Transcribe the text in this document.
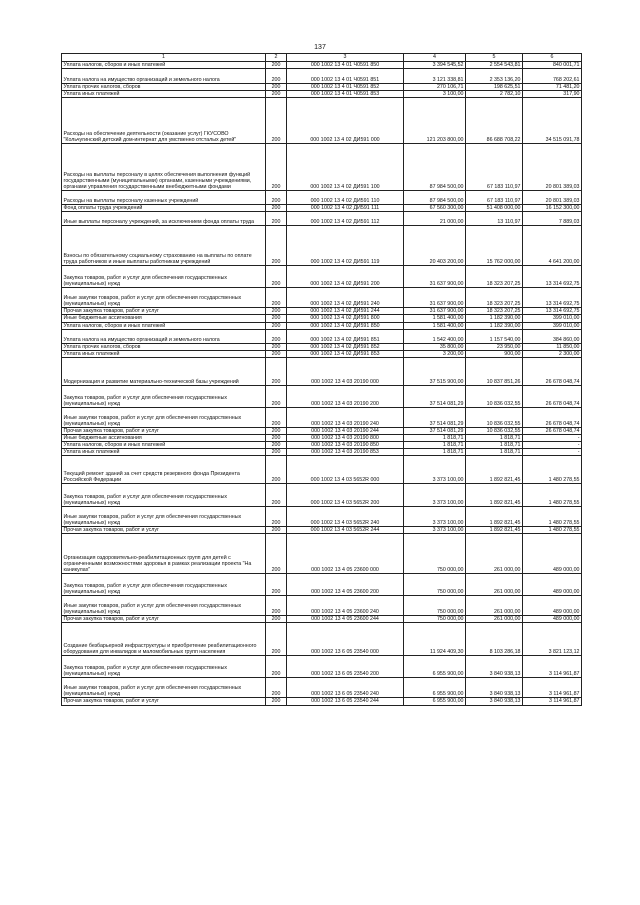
137
1	2	3	4	5	6
Уплата налогов, сборов и иных платежей	200	000 1002 13 4 01 Ч0591 850	3 394 545,52	2 554 543,81	840 001,71
Уплата налога на имущество организаций и земельного налога	200	000 1002 13 4 01 Ч0591 851	3 121 338,81	2 353 136,20	768 202,61
Уплата прочих налогов, сборов	200	000 1002 13 4 01 Ч0591 852	270 106,71	198 625,51	71 481,20
Уплата иных платежей	200	000 1002 13 4 01 Ч0591 853	3 100,00	2 782,10	317,90
Расходы на обеспечение деятельности (оказание услуг) ГКУСОВО "Кольчугинский детский дом-интернат для умственно отсталых детей"	200	000 1002 13 4 02 ДИ591 000	121 203 800,00	86 688 708,22	34 515 091,78
Расходы на выплаты персоналу в целях обеспечения выполнения функций государственными (муниципальными) органами, казенными учреждениями, органами управления государственными внебюджетными фондами	200	000 1002 13 4 02 ДИ591 100	87 984 500,00	67 183 110,97	20 801 389,03
Расходы на выплаты персоналу казенных учреждений	200	000 1002 13 4 02 ДИ591 110	87 984 500,00	67 183 110,97	20 801 389,03
Фонд оплаты труда учреждений	200	000 1002 13 4 02 ДИ591 111	67 560 300,00	51 408 000,00	16 152 300,00
Иные выплаты персоналу учреждений, за исключением фонда оплаты труда	200	000 1002 13 4 02 ДИ591 112	21 000,00	13 110,97	7 889,03
Взносы по обязательному социальному страхованию на выплаты по оплате труда работников и иные выплаты работникам учреждений	200	000 1002 13 4 02 ДИ591 119	20 403 200,00	15 762 000,00	4 641 200,00
Закупка товаров, работ и услуг для обеспечения государственных (муниципальных) нужд	200	000 1002 13 4 02 ДИ591 200	31 637 900,00	18 323 207,25	13 314 692,75
Иные закупки товаров, работ и услуг для обеспечения государственных (муниципальных) нужд	200	000 1002 13 4 02 ДИ591 240	31 637 900,00	18 323 207,25	13 314 692,75
Прочая закупка товаров, работ и услуг	200	000 1002 13 4 02 ДИ591 244	31 637 900,00	18 323 207,25	13 314 692,75
Иные бюджетные ассигнования	200	000 1002 13 4 02 ДИ591 800	1 581 400,00	1 182 390,00	399 010,00
Уплата налогов, сборов и иных платежей	200	000 1002 13 4 02 ДИ591 850	1 581 400,00	1 182 390,00	399 010,00
Уплата налога на имущество организаций и земельного налога	200	000 1002 13 4 02 ДИ591 851	1 542 400,00	1 157 540,00	384 860,00
Уплата прочих налогов, сборов	200	000 1002 13 4 02 ДИ591 852	35 800,00	23 950,00	11 850,00
Уплата иных платежей	200	000 1002 13 4 02 ДИ591 853	3 200,00	900,00	2 300,00
Модернизация и развитие материально-технической базы учреждений	200	000 1002 13 4 03 20190 000	37 515 900,00	10 837 851,26	26 678 048,74
Закупка товаров, работ и услуг для обеспечения государственных (муниципальных) нужд	200	000 1002 13 4 03 20190 200	37 514 081,29	10 836 032,55	26 678 048,74
Иные закупки товаров, работ и услуг для обеспечения государственных (муниципальных) нужд	200	000 1002 13 4 03 20190 240	37 514 081,29	10 836 032,55	26 678 048,74
Прочая закупка товаров, работ и услуг	200	000 1002 13 4 03 20190 244	37 514 081,29	10 836 032,55	26 678 048,74
Иные бюджетные ассигнования	200	000 1002 13 4 03 20190 800	1 818,71	1 818,71	-
Уплата налогов, сборов и иных платежей	200	000 1002 13 4 03 20190 850	1 818,71	1 818,71	-
Уплата иных платежей	200	000 1002 13 4 03 20190 853	1 818,71	1 818,71	-
Текущий ремонт зданий за счет средств резервного фонда Президента Российской Федерации	200	000 1002 13 4 03 5652R 000	3 373 100,00	1 892 821,45	1 480 278,55
Закупка товаров, работ и услуг для обеспечения государственных (муниципальных) нужд	200	000 1002 13 4 03 5652R 200	3 373 100,00	1 892 821,45	1 480 278,55
Иные закупки товаров, работ и услуг для обеспечения государственных (муниципальных) нужд	200	000 1002 13 4 03 5652R 240	3 373 100,00	1 892 821,45	1 480 278,55
Прочая закупка товаров, работ и услуг	200	000 1002 13 4 03 5652R 244	3 373 100,00	1 892 821,45	1 480 278,55
Организация оздоровительно-реабилитационных групп для детей с ограниченными возможностями здоровья в рамках реализации проекта "На каникулах"	200	000 1002 13 4 05 23600 000	750 000,00	261 000,00	489 000,00
Закупка товаров, работ и услуг для обеспечения государственных (муниципальных) нужд	200	000 1002 13 4 05 23600 200	750 000,00	261 000,00	489 000,00
Иные закупки товаров, работ и услуг для обеспечения государственных (муниципальных) нужд	200	000 1002 13 4 05 23600 240	750 000,00	261 000,00	489 000,00
Прочая закупка товаров, работ и услуг	200	000 1002 13 4 05 23600 244	750 000,00	261 000,00	489 000,00
Создание безбарьерной инфраструктуры и приобретение реабилитационного оборудования для инвалидов и маломобильных групп населения	200	000 1002 13 6 05 23540 000	11 924 409,30	8 103 286,18	3 821 123,12
Закупка товаров, работ и услуг для обеспечения государственных (муниципальных) нужд	200	000 1002 13 6 05 23540 200	6 955 900,00	3 840 938,13	3 114 961,87
Иные закупки товаров, работ и услуг для обеспечения государственных (муниципальных) нужд	200	000 1002 13 6 05 23540 240	6 955 900,00	3 840 938,13	3 114 961,87
Прочая закупка товаров, работ и услуг	200	000 1002 13 6 05 23540 244	6 955 900,00	3 840 938,13	3 114 961,87
